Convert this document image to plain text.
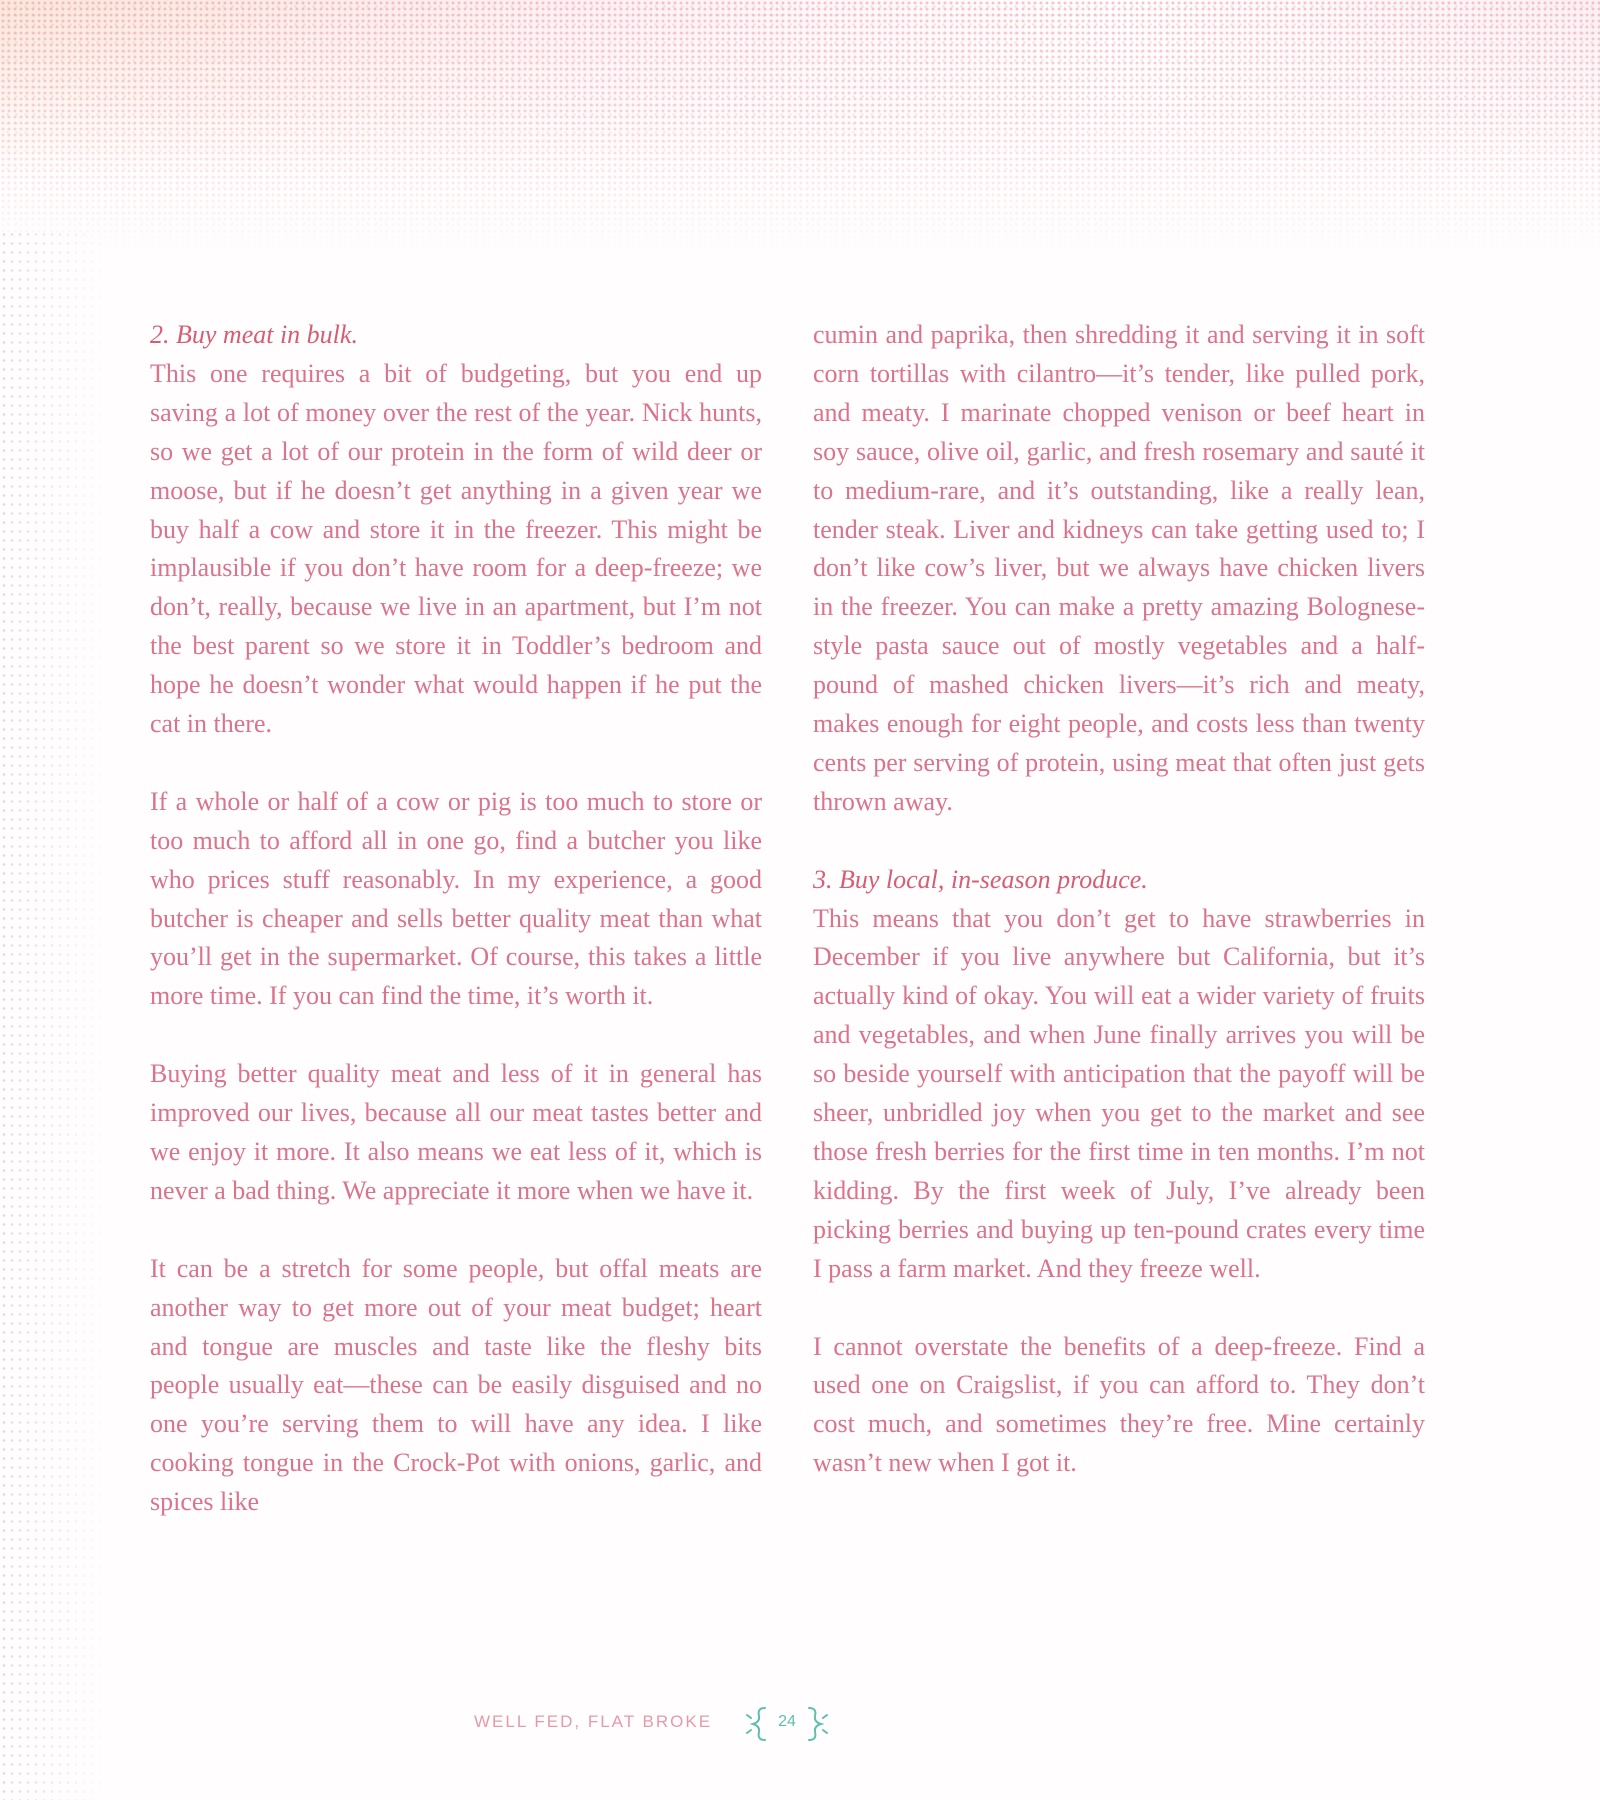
2. Buy meat in bulk.

This one requires a bit of budgeting, but you end up saving a lot of money over the rest of the year. Nick hunts, so we get a lot of our protein in the form of wild deer or moose, but if he doesn’t get anything in a given year we buy half a cow and store it in the freezer. This might be implausible if you don’t have room for a deep-freeze; we don’t, really, because we live in an apartment, but I’m not the best parent so we store it in Toddler’s bedroom and hope he doesn’t wonder what would happen if he put the cat in there.

If a whole or half of a cow or pig is too much to store or too much to afford all in one go, find a butcher you like who prices stuff reasonably. In my experience, a good butcher is cheaper and sells better quality meat than what you’ll get in the supermarket. Of course, this takes a little more time. If you can find the time, it’s worth it.

Buying better quality meat and less of it in general has improved our lives, because all our meat tastes better and we enjoy it more. It also means we eat less of it, which is never a bad thing. We appreciate it more when we have it.

It can be a stretch for some people, but offal meats are another way to get more out of your meat budget; heart and tongue are muscles and taste like the fleshy bits people usually eat—these can be easily disguised and no one you’re serving them to will have any idea. I like cooking tongue in the Crock-Pot with onions, garlic, and spices like

cumin and paprika, then shredding it and serving it in soft corn tortillas with cilantro—it’s tender, like pulled pork, and meaty. I marinate chopped venison or beef heart in soy sauce, olive oil, garlic, and fresh rosemary and sauté it to medium-rare, and it’s outstanding, like a really lean, tender steak. Liver and kidneys can take getting used to; I don’t like cow’s liver, but we always have chicken livers in the freezer. You can make a pretty amazing Bolognese-style pasta sauce out of mostly vegetables and a half-pound of mashed chicken livers—it’s rich and meaty, makes enough for eight people, and costs less than twenty cents per serving of protein, using meat that often just gets thrown away.

3. Buy local, in-season produce.

This means that you don’t get to have strawberries in December if you live anywhere but California, but it’s actually kind of okay. You will eat a wider variety of fruits and vegetables, and when June finally arrives you will be so beside yourself with anticipation that the payoff will be sheer, unbridled joy when you get to the market and see those fresh berries for the first time in ten months. I’m not kidding. By the first week of July, I’ve already been picking berries and buying up ten-pound crates every time I pass a farm market. And they freeze well.

I cannot overstate the benefits of a deep-freeze. Find a used one on Craigslist, if you can afford to. They don’t cost much, and sometimes they’re free. Mine certainly wasn’t new when I got it.

WELL FED, FLAT BROKE	24
